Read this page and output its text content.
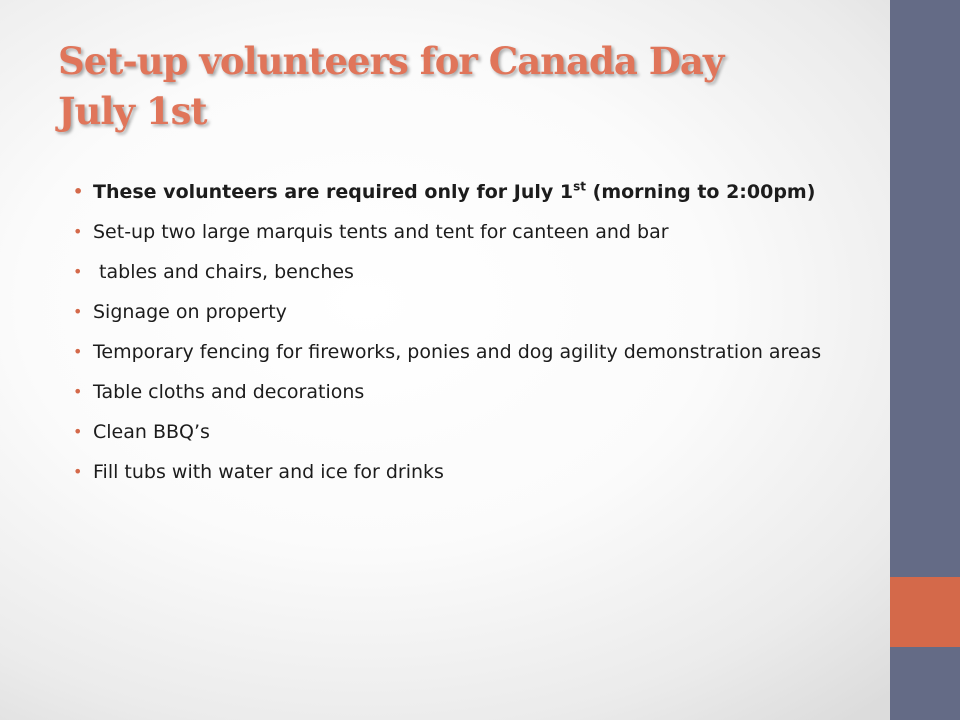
Set-up volunteers for Canada Day
July 1st
• These volunteers are required only for July 1st (morning to 2:00pm)
• Set-up two large marquis tents and tent for canteen and bar
• tables and chairs, benches
• Signage on property
• Temporary fencing for fireworks, ponies and dog agility demonstration areas
• Table cloths and decorations
• Clean BBQ’s
• Fill tubs with water and ice for drinks
